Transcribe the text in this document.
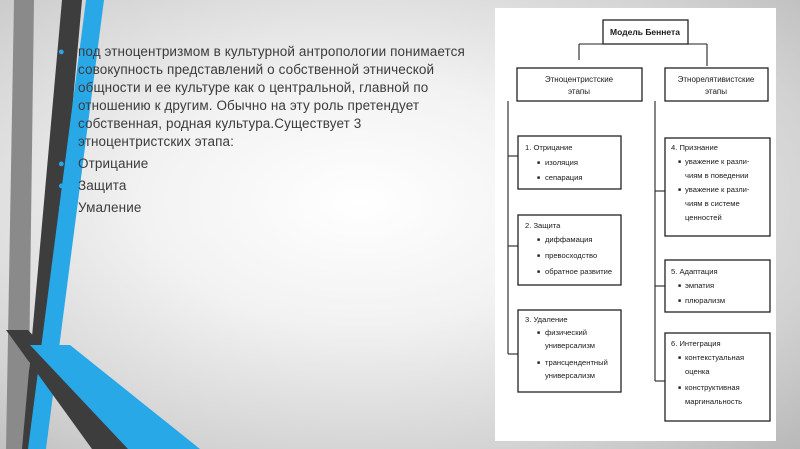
● под этноцентризмом в культурной антропологии понимается совокупность представлений о собственной этнической общности и ее культуре как о центральной, главной по отношению к другим. Обычно на эту роль претендует собственная, родная культура.Существует 3 этноцентристских этапа:
● Отрицание
● Защита
● Умаление
Модель Беннета
Этноцентристские
этапы
Этнорелятивистские
этапы
1. Отрицание
■ изоляция
■ сепарация
2. Защита
■ диффамация
■ превосходство
■ обратное развитие
3. Удаление
■ физический
универсализм
■ трансцендентный
универсализм
4. Признание
■ уважение к разли-
чиям в поведении
■ уважение к разли-
чиям в системе
ценностей
5. Адаптация
■ эмпатия
■ плюрализм
6. Интеграция
■ контекстуальная
оценка
■ конструктивная
маргинальность
